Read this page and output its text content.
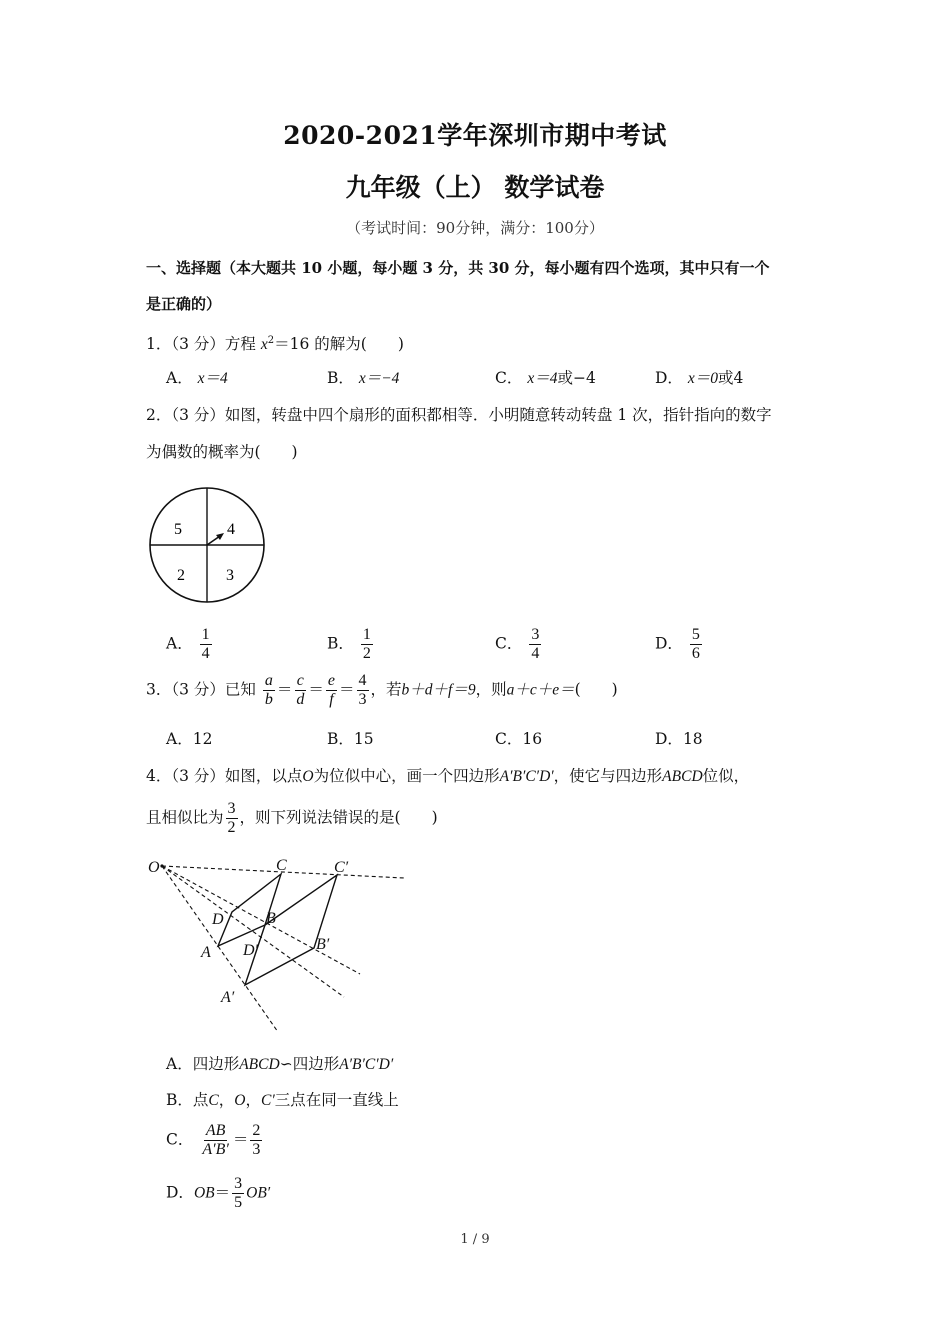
2020-2021学年深圳市期中考试
九年级（上） 数学试卷
（考试时间：90分钟，满分：100分）
一、选择题（本大题共 10 小题，每小题 3 分，共 30 分，每小题有四个选项，其中只有一个
是正确的）
1．（3 分）方程 $x^2=16$ 的解为(　　)
A． x＝4	B． x＝−4	C． x＝4或−4	D． x＝0或4
2．（3 分）如图，转盘中四个扇形的面积都相等．小明随意转动转盘 1 次，指针指向的数字
为偶数的概率为(　　)
5	4
2	3
A． $\frac{1}{4}$	B． $\frac{1}{2}$	C． $\frac{3}{4}$	D． $\frac{5}{6}$
3．（3 分）已知 $\frac{a}{b} = \frac{c}{d} = \frac{e}{f} = \frac{4}{3}$ ，若b＋d＋f＝9，则a＋c＋e＝(　　)
A．12	B．15	C．16	D．18
4．（3 分）如图，以点O为位似中心，画一个四边形A′B′C′D′，使它与四边形ABCD位似，
且相似比为 $\frac{3}{2}$ ，则下列说法错误的是(　　)
O	C	C′
D	B
A D′	B′
A′
A．四边形ABCD∽四边形A′B′C′D′
B．点C，O，C′三点在同一直线上
C． $\frac{AB}{A'B'} = \frac{2}{3}$
D．$OB= \frac{3}{5} OB'$
1 / 9
